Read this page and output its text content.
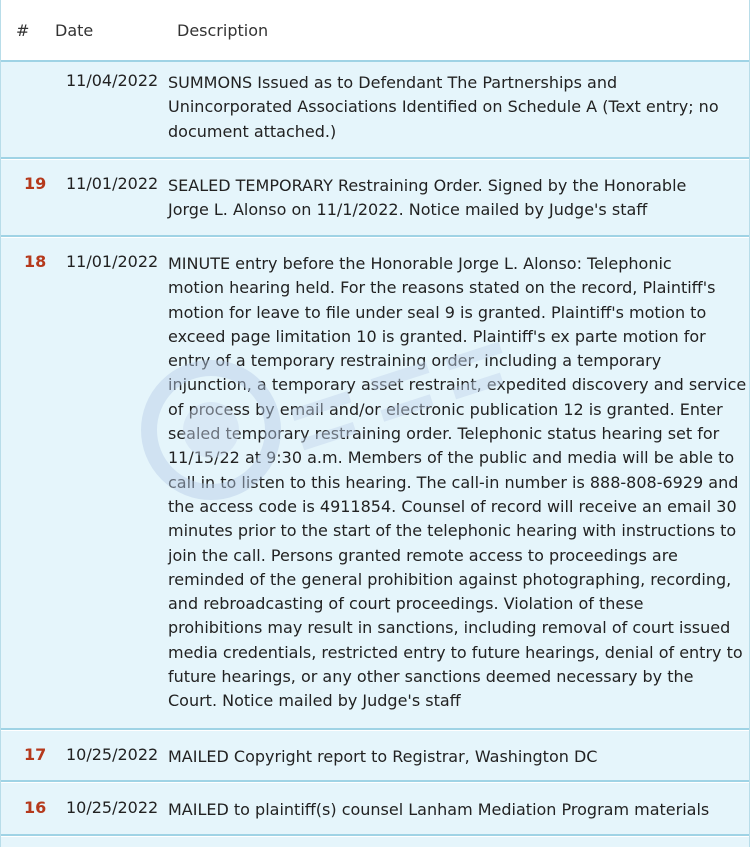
# Date	Description
11/04/2022 SUMMONS Issued as to Defendant The Partnerships and
Unincorporated Associations Identified on Schedule A (Text entry; no
document attached.)
19 11/01/2022 SEALED TEMPORARY Restraining Order. Signed by the Honorable
Jorge L. Alonso on 11/1/2022. Notice mailed by Judge's staff
18 11/01/2022 MINUTE entry before the Honorable Jorge L. Alonso: Telephonic
motion hearing held. For the reasons stated on the record, Plaintiff's
motion for leave to file under seal 9 is granted. Plaintiff's motion to
exceed page limitation 10 is granted. Plaintiff's ex parte motion for
entry of a temporary restraining order, including a temporary
injunction, a temporary asset restraint, expedited discovery and service
of process by email and/or electronic publication 12 is granted. Enter
sealed temporary restraining order. Telephonic status hearing set for
11/15/22 at 9:30 a.m. Members of the public and media will be able to
call in to listen to this hearing. The call-in number is 888-808-6929 and
the access code is 4911854. Counsel of record will receive an email 30
minutes prior to the start of the telephonic hearing with instructions to
join the call. Persons granted remote access to proceedings are
reminded of the general prohibition against photographing, recording,
and rebroadcasting of court proceedings. Violation of these
prohibitions may result in sanctions, including removal of court issued
media credentials, restricted entry to future hearings, denial of entry to
future hearings, or any other sanctions deemed necessary by the
Court. Notice mailed by Judge's staff
17 10/25/2022 MAILED Copyright report to Registrar, Washington DC
16 10/25/2022 MAILED to plaintiff(s) counsel Lanham Mediation Program materials
